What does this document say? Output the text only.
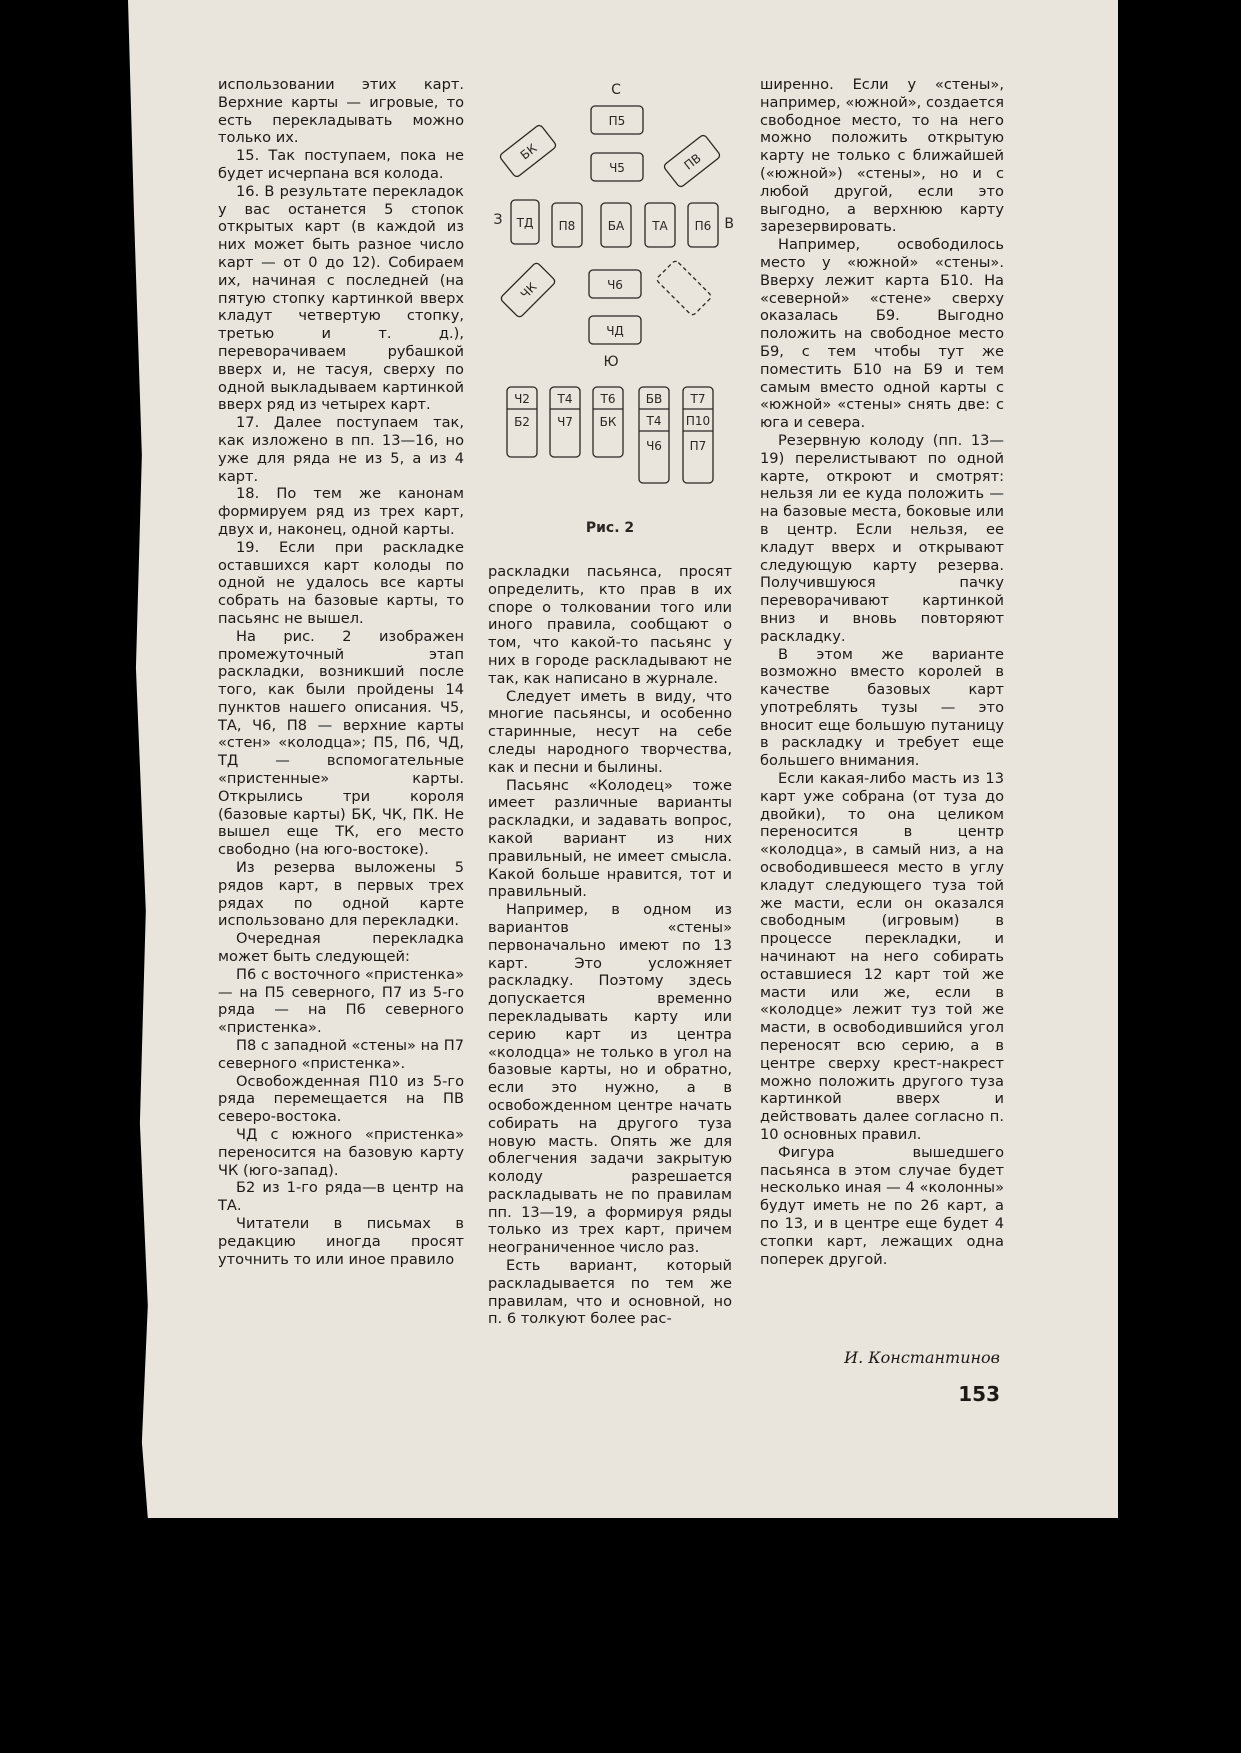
использовании этих карт. Верхние карты — игровые, то есть перекладывать можно только их.

15. Так поступаем, пока не будет исчерпана вся колода.

16. В результате перекладок у вас останется 5 стопок открытых карт (в каждой из них может быть разное число карт — от 0 до 12). Собираем их, начиная с последней (на пятую стопку картинкой вверх кладут четвертую стопку, третью и т. д.), переворачиваем рубашкой вверх и, не тасуя, сверху по одной выкладываем картинкой вверх ряд из четырех карт.

17. Далее поступаем так, как изложено в пп. 13—16, но уже для ряда не из 5, а из 4 карт.

18. По тем же канонам формируем ряд из трех карт, двух и, наконец, одной карты.

19. Если при раскладке оставшихся карт колоды по одной не удалось все карты собрать на базовые карты, то пасьянс не вышел.

На рис. 2 изображен промежуточный этап раскладки, возникший после того, как были пройдены 14 пунктов нашего описания. Ч5, ТА, Ч6, П8 — верхние карты «стен» «колодца»; П5, П6, ЧД, ТД — вспомогательные «пристенные» карты. Открылись три короля (базовые карты) БК, ЧК, ПК. Не вышел еще ТК, его место свободно (на юго-востоке).

Из резерва выложены 5 рядов карт, в первых трех рядах по одной карте использовано для перекладки.

Очередная перекладка может быть следующей:

П6 с восточного «пристенка» — на П5 северного, П7 из 5-го ряда — на П6 северного «пристенка».

П8 с западной «стены» на П7 северного «пристенка».

Освобожденная П10 из 5-го ряда перемещается на ПВ северо-востока.

ЧД с южного «пристенка» переносится на базовую карту ЧК (юго-запад).

Б2 из 1-го ряда—в центр на ТА.

Читатели в письмах в редакцию иногда просят уточнить то или иное правило

С
Ю
З	В
П5
Ч5
БК	ПВ
ТД П8	БА ТА П6
ЧК	Ч6
ЧД
Ч2
Б2
Т4
Ч7
Т6
БК
БВ
Т4
Ч6
Т7
П10
П7
Рис. 2

раскладки пасьянса, просят определить, кто прав в их споре о толковании того или иного правила, сообщают о том, что какой-то пасьянс у них в городе раскладывают не так, как написано в журнале.

Следует иметь в виду, что многие пасьянсы, и особенно старинные, несут на себе следы народного творчества, как и песни и былины.

Пасьянс «Колодец» тоже имеет различные варианты раскладки, и задавать вопрос, какой вариант из них правильный, не имеет смысла. Какой больше нравится, тот и правильный.

Например, в одном из вариантов «стены» первоначально имеют по 13 карт. Это усложняет раскладку. Поэтому здесь допускается временно перекладывать карту или серию карт из центра «колодца» не только в угол на базовые карты, но и обратно, если это нужно, а в освобожденном центре начать собирать на другого туза новую масть. Опять же для облегчения задачи закрытую колоду разрешается раскладывать не по правилам пп. 13—19, а формируя ряды только из трех карт, причем неограниченное число раз.

Есть вариант, который раскладывается по тем же правилам, что и основной, но п. 6 толкуют более рас-

ширенно. Если у «стены», например, «южной», создается свободное место, то на него можно положить открытую карту не только с ближайшей («южной») «стены», но и с любой другой, если это выгодно, а верхнюю карту зарезервировать.

Например, освободилось место у «южной» «стены». Вверху лежит карта Б10. На «северной» «стене» сверху оказалась Б9. Выгодно положить на свободное место Б9, с тем чтобы тут же поместить Б10 на Б9 и тем самым вместо одной карты с «южной» «стены» снять две: с юга и севера.

Резервную колоду (пп. 13—19) перелистывают по одной карте, откроют и смотрят: нельзя ли ее куда положить — на базовые места, боковые или в центр. Если нельзя, ее кладут вверх и открывают следующую карту резерва. Получившуюся пачку переворачивают картинкой вниз и вновь повторяют раскладку.

В этом же варианте возможно вместо королей в качестве базовых карт употреблять тузы — это вносит еще большую путаницу в раскладку и требует еще большего внимания.

Если какая-либо масть из 13 карт уже собрана (от туза до двойки), то она целиком переносится в центр «колодца», в самый низ, а на освободившееся место в углу кладут следующего туза той же масти, если он оказался свободным (игровым) в процессе перекладки, и начинают на него собирать оставшиеся 12 карт той же масти или же, если в «колодце» лежит туз той же масти, в освободившийся угол переносят всю серию, а в центре сверху крест-накрест можно положить другого туза картинкой вверх и действовать далее согласно п. 10 основных правил.

Фигура вышедшего пасьянса в этом случае будет несколько иная — 4 «колонны» будут иметь не по 26 карт, а по 13, и в центре еще будет 4 стопки карт, лежащих одна поперек другой.

И. Константинов
153
